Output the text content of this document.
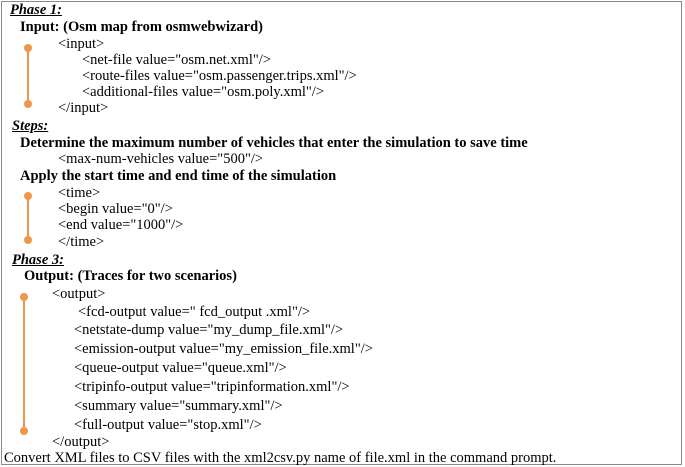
Phase 1:
Input: (Osm map from osmwebwizard)
<input>
<net-file value="osm.net.xml"/>
<route-files value="osm.passenger.trips.xml"/>
<additional-files value="osm.poly.xml"/>
</input>
Steps:
Determine the maximum number of vehicles that enter the simulation to save time
<max-num-vehicles value="500"/>
Apply the start time and end time of the simulation
<time>
<begin value="0"/>
<end value="1000"/>
</time>
Phase 3:
Output: (Traces for two scenarios)
<output>
<fcd-output value=" fcd_output .xml"/>
<netstate-dump value="my_dump_file.xml"/>
<emission-output value="my_emission_file.xml"/>
<queue-output value="queue.xml"/>
<tripinfo-output value="tripinformation.xml"/>
<summary value="summary.xml"/>
<full-output value="stop.xml"/>
</output>
Convert XML files to CSV files with the xml2csv.py name of file.xml in the command prompt.
